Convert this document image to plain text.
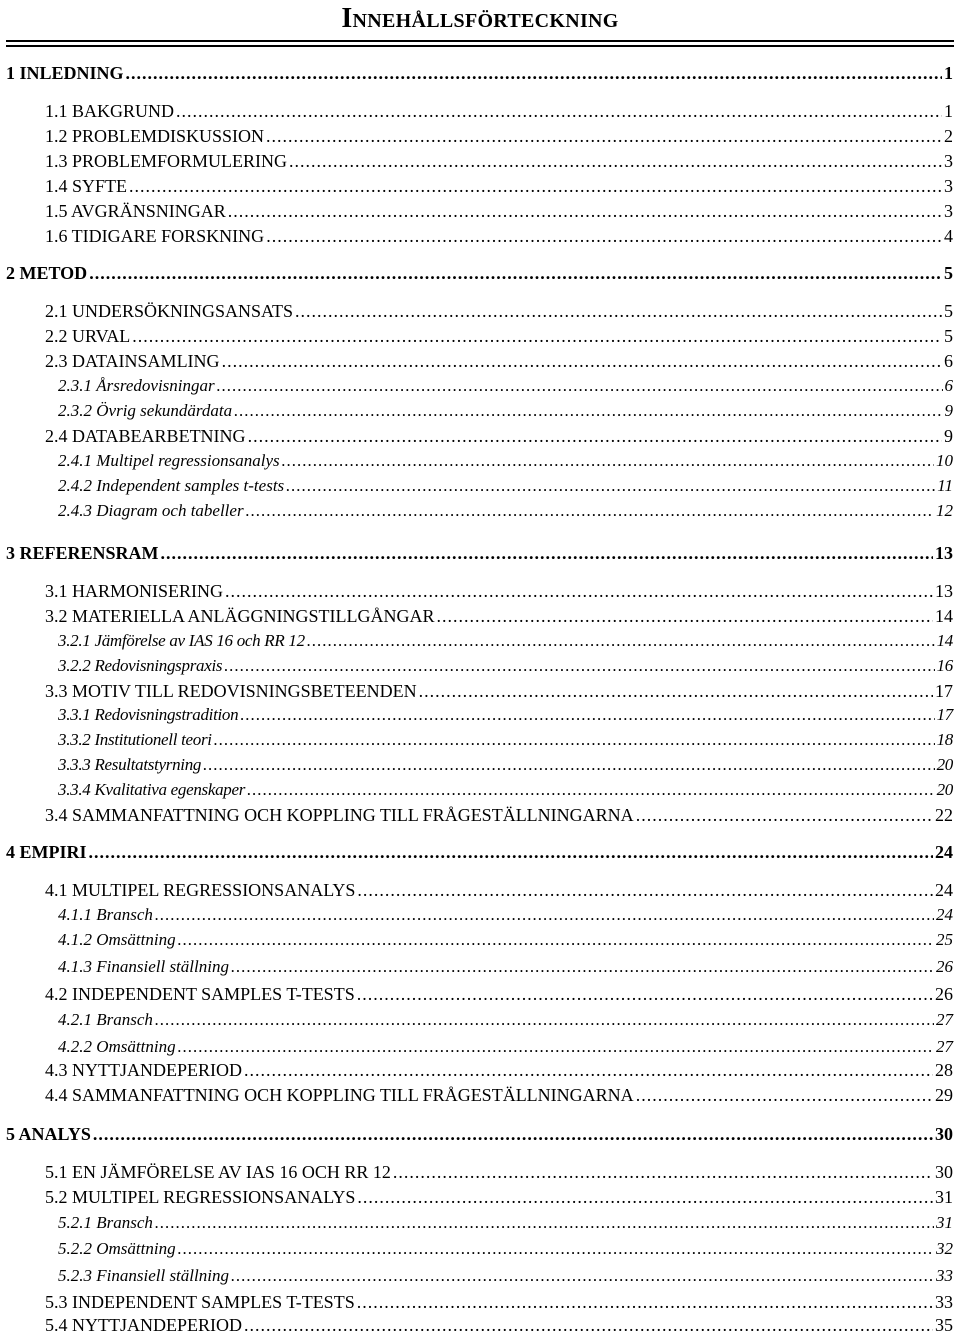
Innehållsförteckning
1 INLEDNING .....	1
1.1 BAKGRUND .....	1
1.2 PROBLEMDISKUSSION .....	2
1.3 PROBLEMFORMULERING .....	3
1.4 SYFTE .....	3
1.5 AVGRÄNSNINGAR .....	3
1.6 TIDIGARE FORSKNING .....	4
2 METOD .....	5
2.1 UNDERSÖKNINGSANSATS .....	5
2.2 URVAL .....	5
2.3 DATAINSAMLING .....	6
2.3.1 Årsredovisningar .....	6
2.3.2 Övrig sekundärdata .....	9
2.4 DATABEARBETNING .....	9
2.4.1 Multipel regressionsanalys .....	10
2.4.2 Independent samples t-tests .....	11
2.4.3 Diagram och tabeller .....	12
3 REFERENSRAM .....	13
3.1 HARMONISERING .....	13
3.2 MATERIELLA ANLÄGGNINGSTILLGÅNGAR .....	14
3.2.1 Jämförelse av IAS 16 och RR 12 .....	14
3.2.2 Redovisningspraxis .....	16
3.3 MOTIV TILL REDOVISNINGSBETEENDEN .....	17
3.3.1 Redovisningstradition .....	17
3.3.2 Institutionell teori .....	18
3.3.3 Resultatstyrning .....	20
3.3.4 Kvalitativa egenskaper .....	20
3.4 SAMMANFATTNING OCH KOPPLING TILL FRÅGESTÄLLNINGARNA .....	22
4 EMPIRI .....	24
4.1 MULTIPEL REGRESSIONSANALYS .....	24
4.1.1 Bransch .....	24
4.1.2 Omsättning .....	25
4.1.3 Finansiell ställning .....	26
4.2 INDEPENDENT SAMPLES T-TESTS .....	26
4.2.1 Bransch .....	27
4.2.2 Omsättning .....	27
4.3 NYTTJANDEPERIOD .....	28
4.4 SAMMANFATTNING OCH KOPPLING TILL FRÅGESTÄLLNINGARNA .....	29
5 ANALYS .....	30
5.1 EN JÄMFÖRELSE AV IAS 16 OCH RR 12 .....	30
5.2 MULTIPEL REGRESSIONSANALYS .....	31
5.2.1 Bransch .....	31
5.2.2 Omsättning .....	32
5.2.3 Finansiell ställning .....	33
5.3 INDEPENDENT SAMPLES T-TESTS .....	33
5.4 NYTTJANDEPERIOD .....	35
